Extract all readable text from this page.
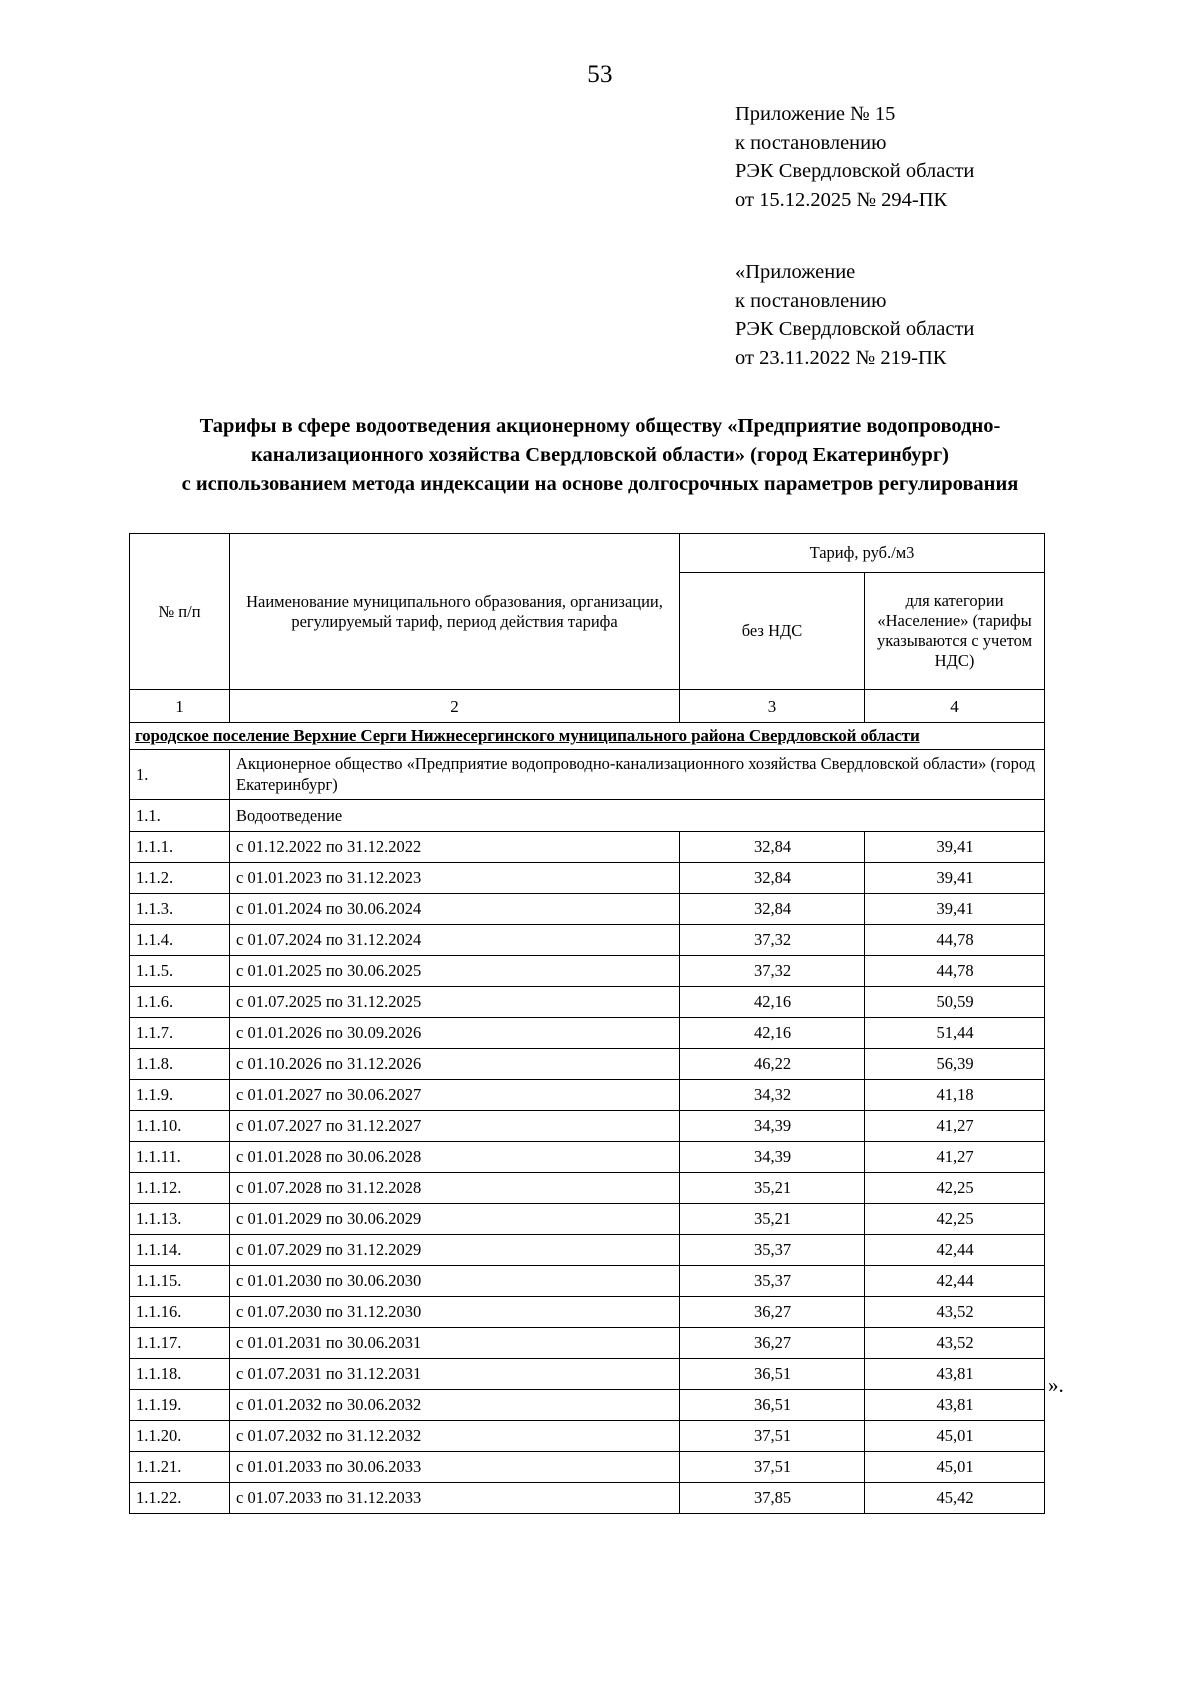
53
Приложение № 15
к постановлению
РЭК Свердловской области
от 15.12.2025 № 294-ПК
«Приложение
к постановлению
РЭК Свердловской области
от 23.11.2022 № 219-ПК
Тарифы в сфере водоотведения акционерному обществу «Предприятие водопроводно-
канализационного хозяйства Свердловской области» (город Екатеринбург)
с использованием метода индексации на основе долгосрочных параметров регулирования
№ п/п	Наименование муниципального образования, организации, регулируемый тариф, период действия тарифа	Тариф, руб./м3	
		без НДС	для категории «Население» (тарифы указываются с учетом НДС)
1	2	3	4
городское поселение Верхние Серги Нижнесергинского муниципального района Свердловской области			
1.	Акционерное общество «Предприятие водопроводно-канализационного хозяйства Свердловской области» (город Екатеринбург)		
1.1.	Водоотведение		
1.1.1.	с 01.12.2022 по 31.12.2022	32,84	39,41
1.1.2.	с 01.01.2023 по 31.12.2023	32,84	39,41
1.1.3.	с 01.01.2024 по 30.06.2024	32,84	39,41
1.1.4.	с 01.07.2024 по 31.12.2024	37,32	44,78
1.1.5.	с 01.01.2025 по 30.06.2025	37,32	44,78
1.1.6.	с 01.07.2025 по 31.12.2025	42,16	50,59
1.1.7.	с 01.01.2026 по 30.09.2026	42,16	51,44
1.1.8.	с 01.10.2026 по 31.12.2026	46,22	56,39
1.1.9.	с 01.01.2027 по 30.06.2027	34,32	41,18
1.1.10.	с 01.07.2027 по 31.12.2027	34,39	41,27
1.1.11.	с 01.01.2028 по 30.06.2028	34,39	41,27
1.1.12.	с 01.07.2028 по 31.12.2028	35,21	42,25
1.1.13.	с 01.01.2029 по 30.06.2029	35,21	42,25
1.1.14.	с 01.07.2029 по 31.12.2029	35,37	42,44
1.1.15.	с 01.01.2030 по 30.06.2030	35,37	42,44
1.1.16.	с 01.07.2030 по 31.12.2030	36,27	43,52
1.1.17.	с 01.01.2031 по 30.06.2031	36,27	43,52
1.1.18.	с 01.07.2031 по 31.12.2031	36,51	43,81
1.1.19.	с 01.01.2032 по 30.06.2032	36,51	43,81
1.1.20.	с 01.07.2032 по 31.12.2032	37,51	45,01
1.1.21.	с 01.01.2033 по 30.06.2033	37,51	45,01
1.1.22.	с 01.07.2033 по 31.12.2033	37,85	45,42
».
